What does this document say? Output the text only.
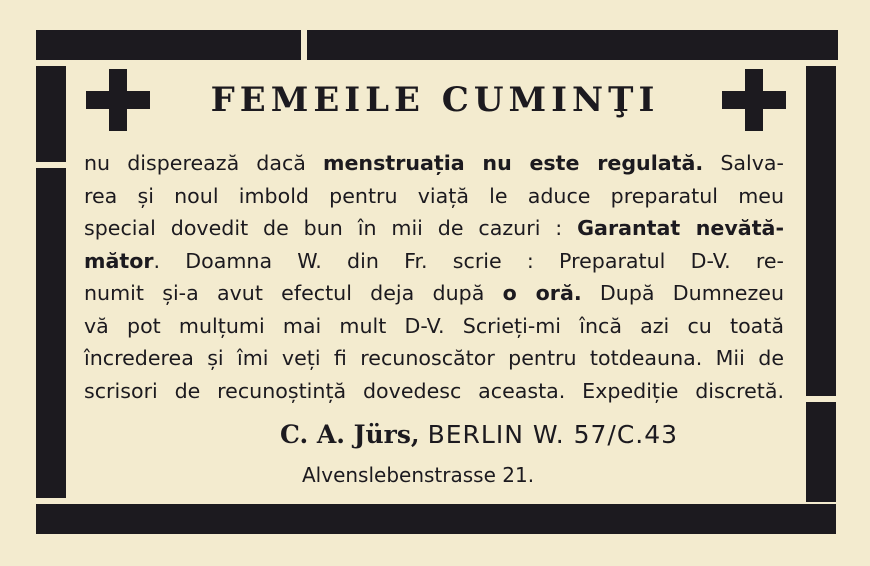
FEMEILE CUMINŢI
nu disperează dacă menstruația nu este regulată. Salva-
rea și noul imbold pentru viață le aduce preparatul meu
special dovedit de bun în mii de cazuri : Garantat nevătă-
mător. Doamna W. din Fr. scrie : Preparatul D-V. re-
numit și-a avut efectul deja după o oră. După Dumnezeu
vă pot mulțumi mai mult D-V. Scrieți-mi încă azi cu toată
încrederea și îmi veți fi recunoscător pentru totdeauna. Mii de
scrisori de recunoștință dovedesc aceasta. Expediție discretă.
C. A. Jürs, BERLIN W. 57/C.43
Alvenslebenstrasse 21.
